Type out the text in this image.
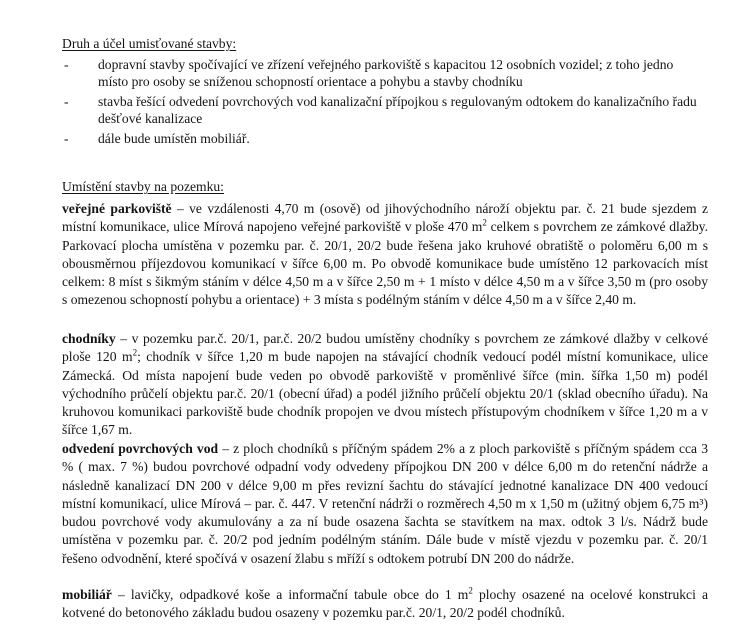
Druh a účel umisťované stavby:
- dopravní stavby spočívající ve zřízení veřejného parkoviště s kapacitou 12 osobních vozidel; z toho jedno místo pro osoby se sníženou schopností orientace a pohybu a stavby chodníku
- stavba řešící odvedení povrchových vod kanalizační přípojkou s regulovaným odtokem do kanalizačního řadu dešťové kanalizace
- dále bude umístěn mobiliář.
Umístění stavby na pozemku:

veřejné parkoviště – ve vzdálenosti 4,70 m (osově) od jihovýchodního nároží objektu par. č. 21 bude sjezdem z místní komunikace, ulice Mírová napojeno veřejné parkoviště v ploše 470 $m^2$ celkem s povrchem ze zámkové dlažby. Parkovací plocha umístěna v pozemku par. č. 20/1, 20/2 bude řešena jako kruhové obratiště o poloměru 6,00 m s obousměrnou příjezdovou komunikací v šířce 6,00 m. Po obvodě komunikace bude umístěno 12 parkovacích míst celkem: 8 míst s šikmým stáním v délce 4,50 m a v šířce 2,50 m + 1 místo v délce 4,50 m a v šířce 3,50 m (pro osoby s omezenou schopností pohybu a orientace) + 3 místa s podélným stáním v délce 4,50 m a v šířce 2,40 m.

chodníky – v pozemku par.č. 20/1, par.č. 20/2 budou umístěny chodníky s povrchem ze zámkové dlažby v celkové ploše 120 $m^2$; chodník v šířce 1,20 m bude napojen na stávající chodník vedoucí podél místní komunikace, ulice Zámecká. Od místa napojení bude veden po obvodě parkoviště v proměnlivé šířce (min. šířka 1,50 m) podél východního průčelí objektu par.č. 20/1 (obecní úřad) a podél jižního průčelí objektu 20/1 (sklad obecního úřadu). Na kruhovou komunikaci parkoviště bude chodník propojen ve dvou místech přístupovým chodníkem v šířce 1,20 m a v šířce 1,67 m.

odvedení povrchových vod – z ploch chodníků s příčným spádem 2% a z ploch parkoviště s příčným spádem cca 3 % ( max. 7 %) budou povrchové odpadní vody odvedeny přípojkou DN 200 v délce 6,00 m do retenční nádrže a následně kanalizací DN 200 v délce 9,00 m přes revizní šachtu do stávající jednotné kanalizace DN 400 vedoucí místní komunikací, ulice Mírová – par. č. 447. V retenční nádrži o rozměrech 4,50 m x 1,50 m (užitný objem 6,75 m³) budou povrchové vody akumulovány a za ní bude osazena šachta se stavítkem na max. odtok 3 l/s. Nádrž bude umístěna v pozemku par. č. 20/2 pod jedním podélným stáním. Dále bude v místě vjezdu v pozemku par. č. 20/1 řešeno odvodnění, které spočívá v osazení žlabu s mříží s odtokem potrubí DN 200 do nádrže.

mobiliář – lavičky, odpadkové koše a informační tabule obce do 1 $m^2$ plochy osazené na ocelové konstrukci a kotvené do betonového základu budou osazeny v pozemku par.č. 20/1, 20/2 podél chodníků.
